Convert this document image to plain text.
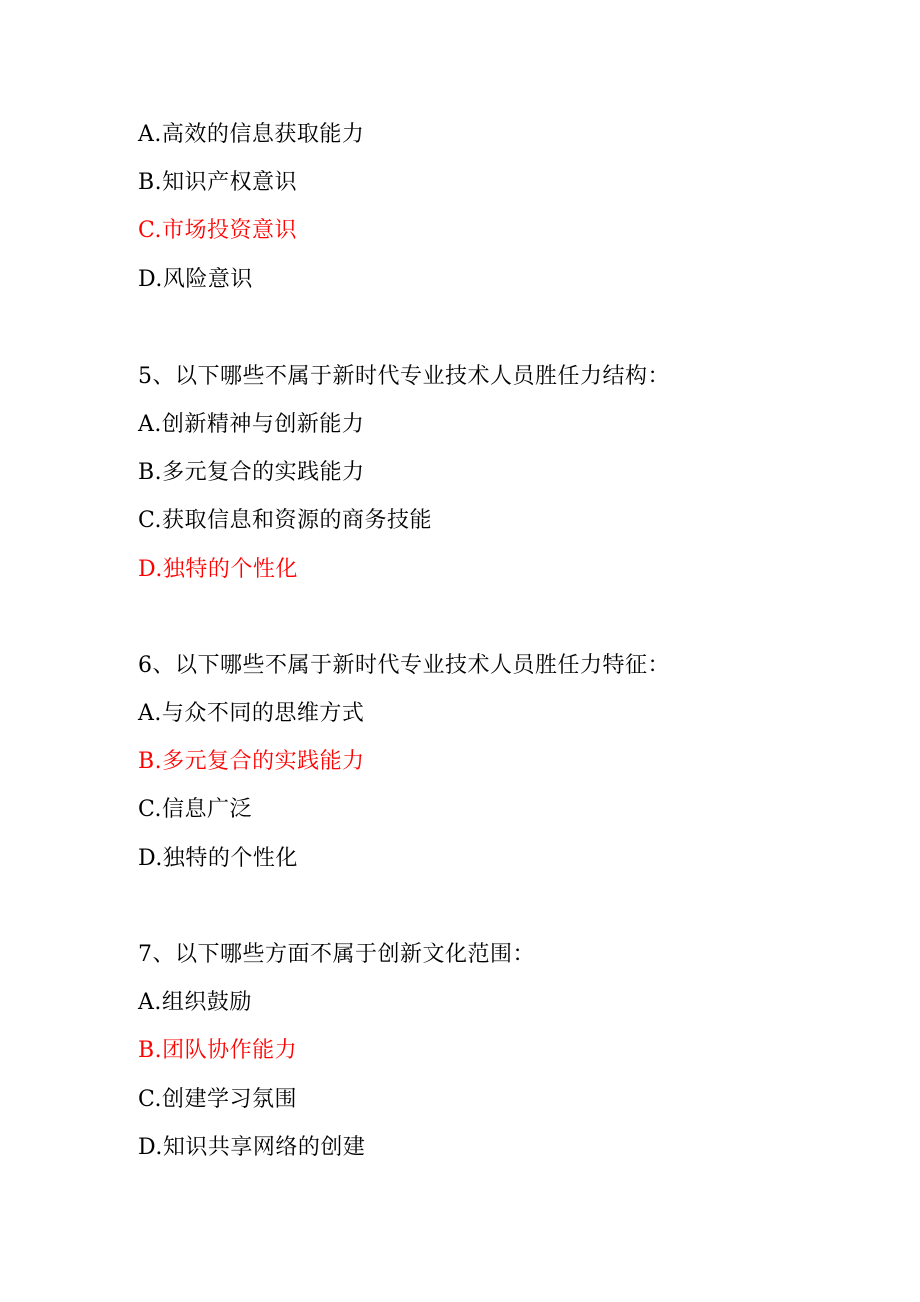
A.高效的信息获取能力
B.知识产权意识
C.市场投资意识
D.风险意识
5、以下哪些不属于新时代专业技术人员胜任力结构：
A.创新精神与创新能力
B.多元复合的实践能力
C.获取信息和资源的商务技能
D.独特的个性化
6、以下哪些不属于新时代专业技术人员胜任力特征：
A.与众不同的思维方式
B.多元复合的实践能力
C.信息广泛
D.独特的个性化
7、以下哪些方面不属于创新文化范围：
A.组织鼓励
B.团队协作能力
C.创建学习氛围
D.知识共享网络的创建
